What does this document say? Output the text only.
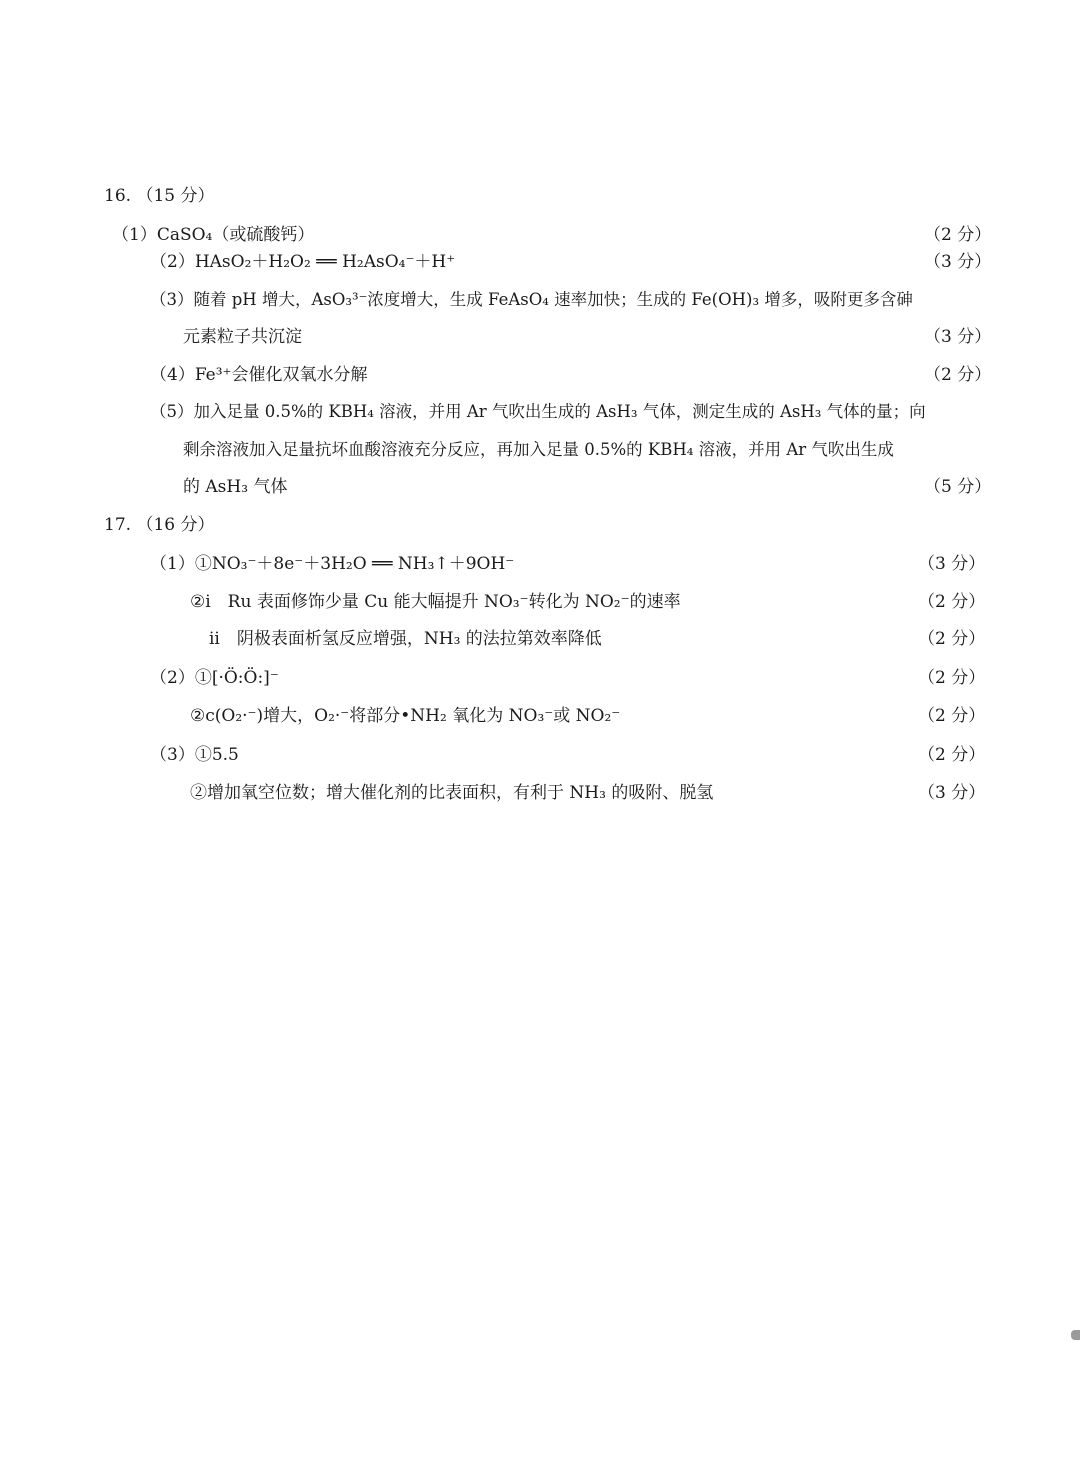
16. （15 分）
（1）CaSO₄（或硫酸钙）	（2 分）
（2）HAsO₂＋H₂O₂ ══ H₂AsO₄⁻＋H⁺	（3 分）
（3）随着 pH 增大，AsO₃³⁻浓度增大，生成 FeAsO₄ 速率加快；生成的 Fe(OH)₃ 增多，吸附更多含砷
元素粒子共沉淀	（3 分）
（4）Fe³⁺会催化双氧水分解	（2 分）
（5）加入足量 0.5%的 KBH₄ 溶液，并用 Ar 气吹出生成的 AsH₃ 气体，测定生成的 AsH₃ 气体的量；向
剩余溶液加入足量抗坏血酸溶液充分反应，再加入足量 0.5%的 KBH₄ 溶液，并用 Ar 气吹出生成
的 AsH₃ 气体	（5 分）
17. （16 分）
（1）①NO₃⁻＋8e⁻＋3H₂O ══ NH₃↑＋9OH⁻	（3 分）
②i　Ru 表面修饰少量 Cu 能大幅提升 NO₃⁻转化为 NO₂⁻的速率	（2 分）
ii　阴极表面析氢反应增强，NH₃ 的法拉第效率降低	（2 分）
（2）①[·Ö:Ö:]⁻	（2 分）
②c(O₂·⁻)增大，O₂·⁻将部分•NH₂ 氧化为 NO₃⁻或 NO₂⁻	（2 分）
（3）①5.5	（2 分）
②增加氧空位数；增大催化剂的比表面积，有利于 NH₃ 的吸附、脱氢	（3 分）
